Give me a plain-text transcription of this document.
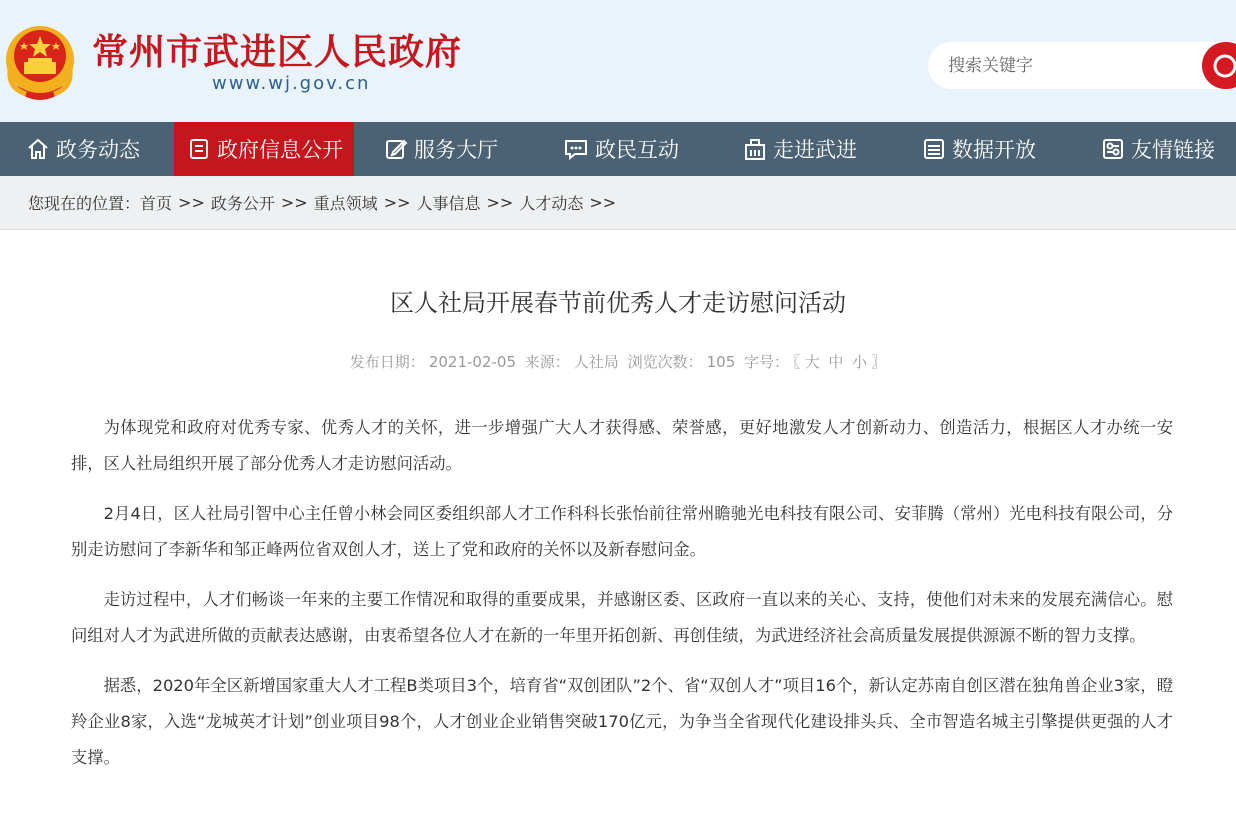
常州市武进区人民政府
www.wj.gov.cn
搜索关键字
政务动态	政府信息公开	服务大厅	政民互动	走进武进	数据开放	友情链接
您现在的位置： 首页 >> 政务公开 >> 重点领域 >> 人事信息 >> 人才动态 >>
区人社局开展春节前优秀人才走访慰问活动
发布日期： 2021-02-05 来源： 人社局 浏览次数： 105 字号： 〖 大 中 小 〗

为体现党和政府对优秀专家、优秀人才的关怀，进一步增强广大人才获得感、荣誉感，更好地激发人才创新动力、创造活力，根据区人才办统一安排，区人社局组织开展了部分优秀人才走访慰问活动。

2月4日，区人社局引智中心主任曾小林会同区委组织部人才工作科科长张怡前往常州瞻驰光电科技有限公司、安菲腾（常州）光电科技有限公司，分别走访慰问了李新华和邹正峰两位省双创人才，送上了党和政府的关怀以及新春慰问金。

走访过程中，人才们畅谈一年来的主要工作情况和取得的重要成果，并感谢区委、区政府一直以来的关心、支持，使他们对未来的发展充满信心。慰问组对人才为武进所做的贡献表达感谢，由衷希望各位人才在新的一年里开拓创新、再创佳绩，为武进经济社会高质量发展提供源源不断的智力支撑。

据悉，2020年全区新增国家重大人才工程B类项目3个，培育省“双创团队”2个、省“双创人才”项目16个，新认定苏南自创区潜在独角兽企业3家，瞪羚企业8家，入选“龙城英才计划”创业项目98个，人才创业企业销售突破170亿元，为争当全省现代化建设排头兵、全市智造名城主引擎提供更强的人才支撑。
